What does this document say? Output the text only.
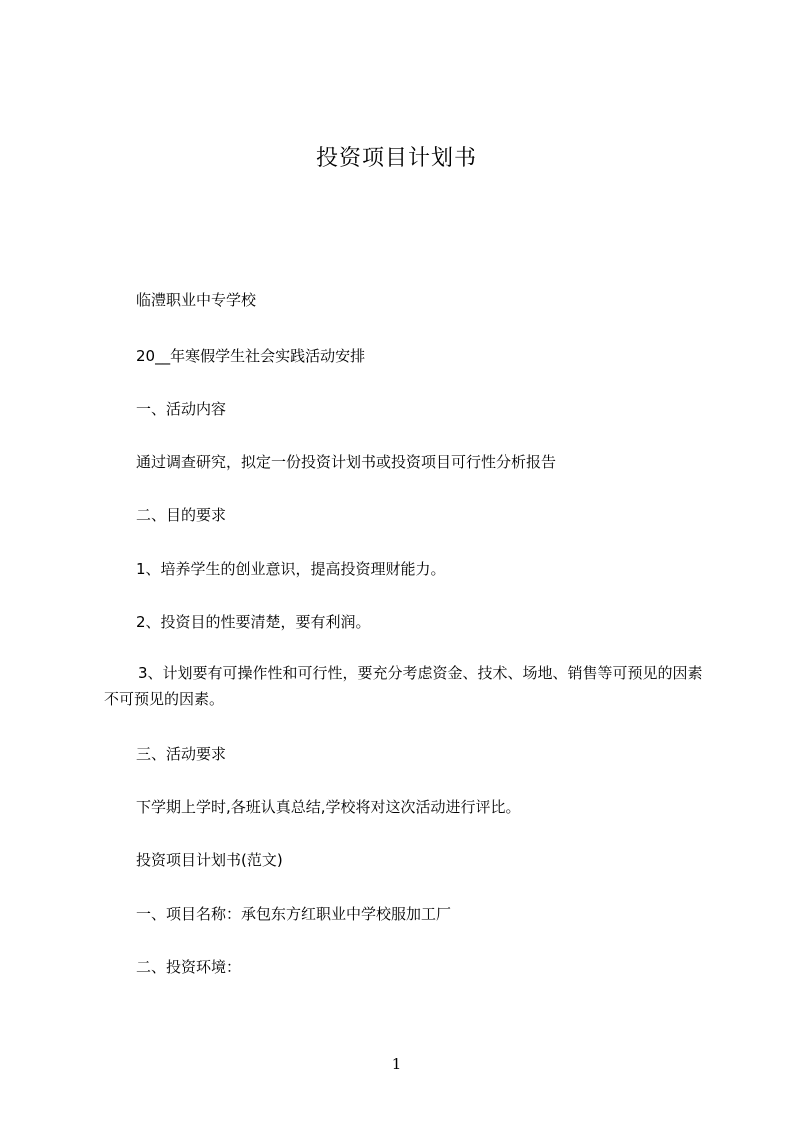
投资项目计划书
临澧职业中专学校
20__年寒假学生社会实践活动安排
一、活动内容
通过调查研究，拟定一份投资计划书或投资项目可行性分析报告
二、目的要求
1、培养学生的创业意识，提高投资理财能力。
2、投资目的性要清楚，要有利润。
3、计划要有可操作性和可行性，要充分考虑资金、技术、场地、销售等可预见的因素不可预见的因素。
三、活动要求
下学期上学时,各班认真总结,学校将对这次活动进行评比。
投资项目计划书(范文)
一、项目名称：承包东方红职业中学校服加工厂
二、投资环境：
1
